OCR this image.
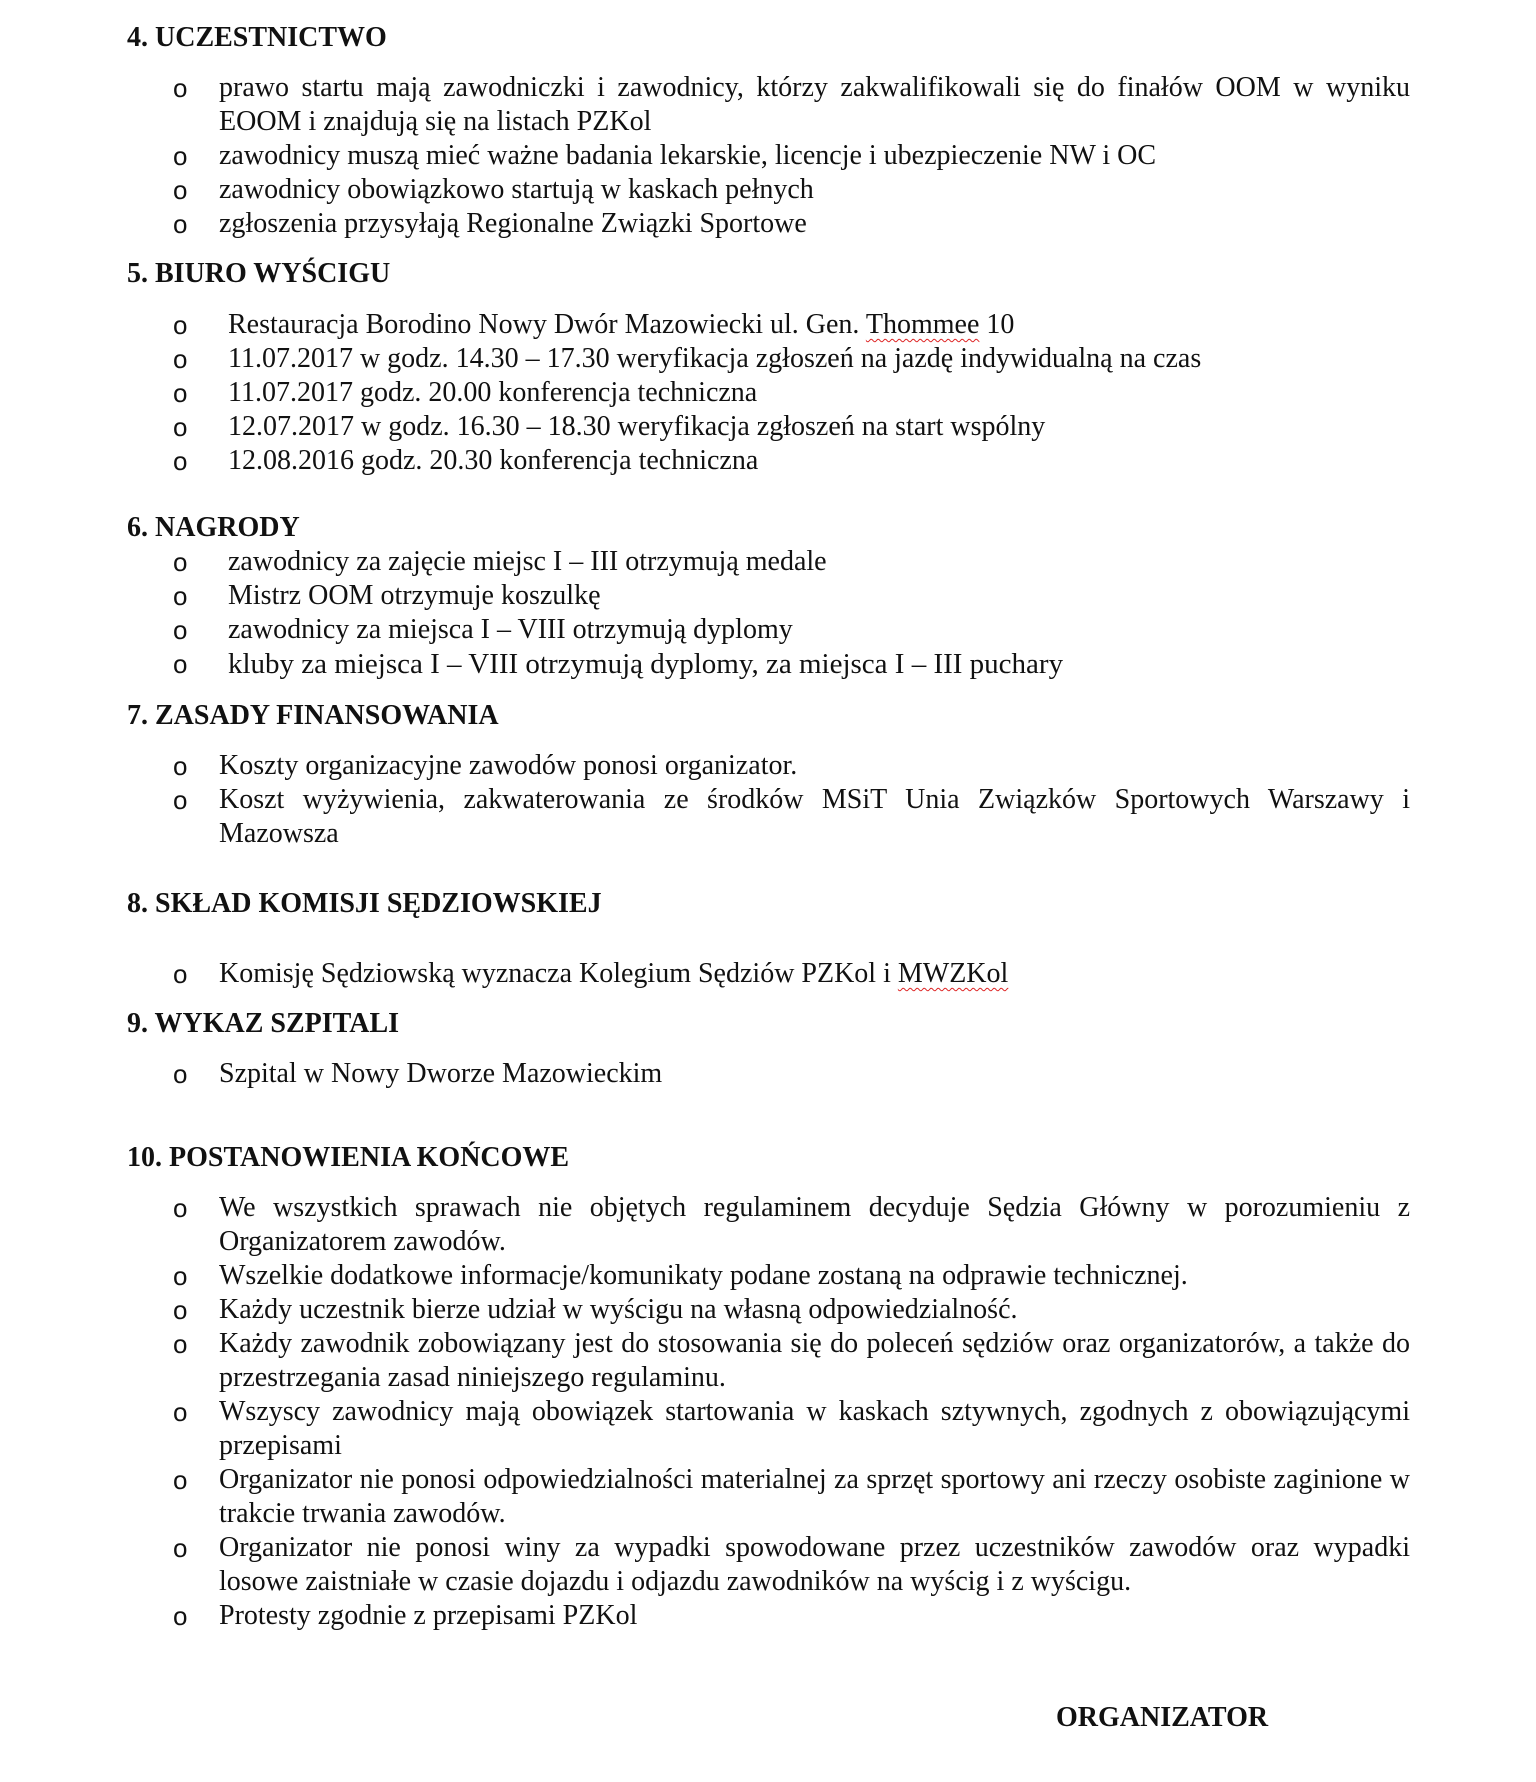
4. UCZESTNICTWO
o	prawo startu mają zawodniczki i zawodnicy, którzy zakwalifikowali się do finałów OOM w wyniku EOOM i znajdują się na listach PZKol
o	zawodnicy muszą mieć ważne badania lekarskie, licencje i ubezpieczenie NW i OC
o	zawodnicy obowiązkowo startują w kaskach pełnych
o	zgłoszenia przysyłają Regionalne Związki Sportowe
5. BIURO WYŚCIGU
o	Restauracja Borodino Nowy Dwór Mazowiecki ul. Gen. Thommee 10
o	11.07.2017 w godz. 14.30 – 17.30 weryfikacja zgłoszeń na jazdę indywidualną na czas
o	11.07.2017 godz. 20.00 konferencja techniczna
o	12.07.2017 w godz. 16.30 – 18.30 weryfikacja zgłoszeń na start wspólny
o	12.08.2016 godz. 20.30 konferencja techniczna
6. NAGRODY
o	zawodnicy za zajęcie miejsc I – III otrzymują medale
o	Mistrz OOM otrzymuje koszulkę
o	zawodnicy za miejsca I – VIII otrzymują dyplomy
o	kluby za miejsca I – VIII otrzymują dyplomy, za miejsca I – III puchary
7. ZASADY FINANSOWANIA
o	Koszty organizacyjne zawodów ponosi organizator.
o	Koszt wyżywienia, zakwaterowania ze środków MSiT Unia Związków Sportowych Warszawy i Mazowsza
8. SKŁAD KOMISJI SĘDZIOWSKIEJ
o	Komisję Sędziowską wyznacza Kolegium Sędziów PZKol i MWZKol
9. WYKAZ SZPITALI
o	Szpital w Nowy Dworze Mazowieckim
10. POSTANOWIENIA KOŃCOWE
o	We wszystkich sprawach nie objętych regulaminem decyduje Sędzia Główny w porozumieniu z Organizatorem zawodów.
o	Wszelkie dodatkowe informacje/komunikaty podane zostaną na odprawie technicznej.
o	Każdy uczestnik bierze udział w wyścigu na własną odpowiedzialność.
o	Każdy zawodnik zobowiązany jest do stosowania się do poleceń sędziów oraz organizatorów, a także do przestrzegania zasad niniejszego regulaminu.
o	Wszyscy zawodnicy mają obowiązek startowania w kaskach sztywnych, zgodnych z obowiązującymi przepisami
o	Organizator nie ponosi odpowiedzialności materialnej za sprzęt sportowy ani rzeczy osobiste zaginione w trakcie trwania zawodów.
o	Organizator nie ponosi winy za wypadki spowodowane przez uczestników zawodów oraz wypadki losowe zaistniałe w czasie dojazdu i odjazdu zawodników na wyścig i z wyścigu.
o	Protesty zgodnie z przepisami PZKol
ORGANIZATOR
